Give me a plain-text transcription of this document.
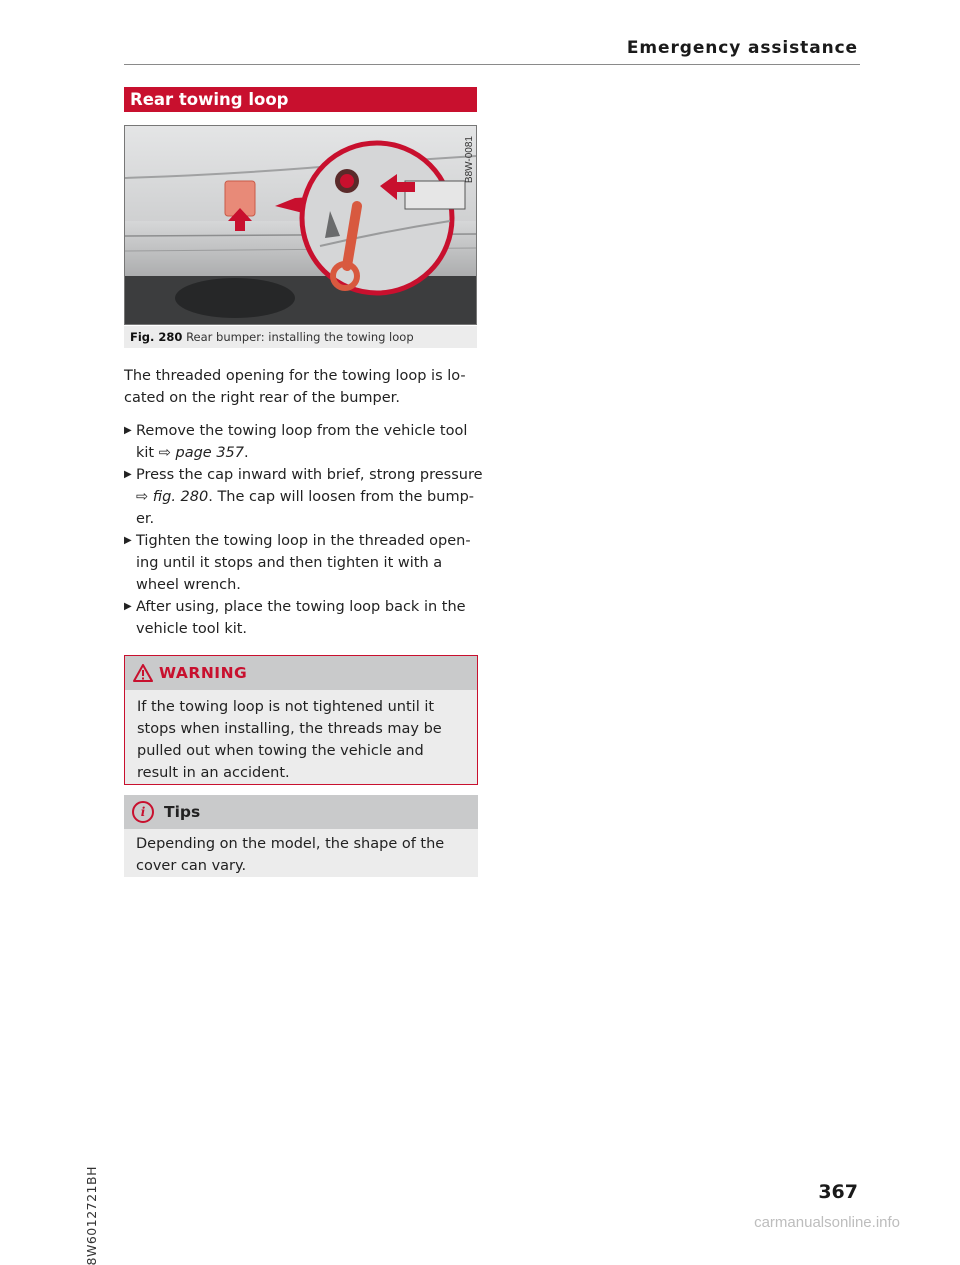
Emergency assistance
Rear towing loop
B8W-0081
Fig. 280 Rear bumper: installing the towing loop
The threaded opening for the towing loop is lo-
cated on the right rear of the bumper.
▶ Remove the towing loop from the vehicle tool kit ⇨ page 357.
▶ Press the cap inward with brief, strong pressure ⇨ fig. 280. The cap will loosen from the bump-er.
▶ Tighten the towing loop in the threaded open-ing until it stops and then tighten it with a wheel wrench.
▶ After using, place the towing loop back in the vehicle tool kit.
WARNING
If the towing loop is not tightened until it stops when installing, the threads may be pulled out when towing the vehicle and result in an accident.
i	Tips
Depending on the model, the shape of the cover can vary.
8W6012721BH	367
carmanualsonline.info
